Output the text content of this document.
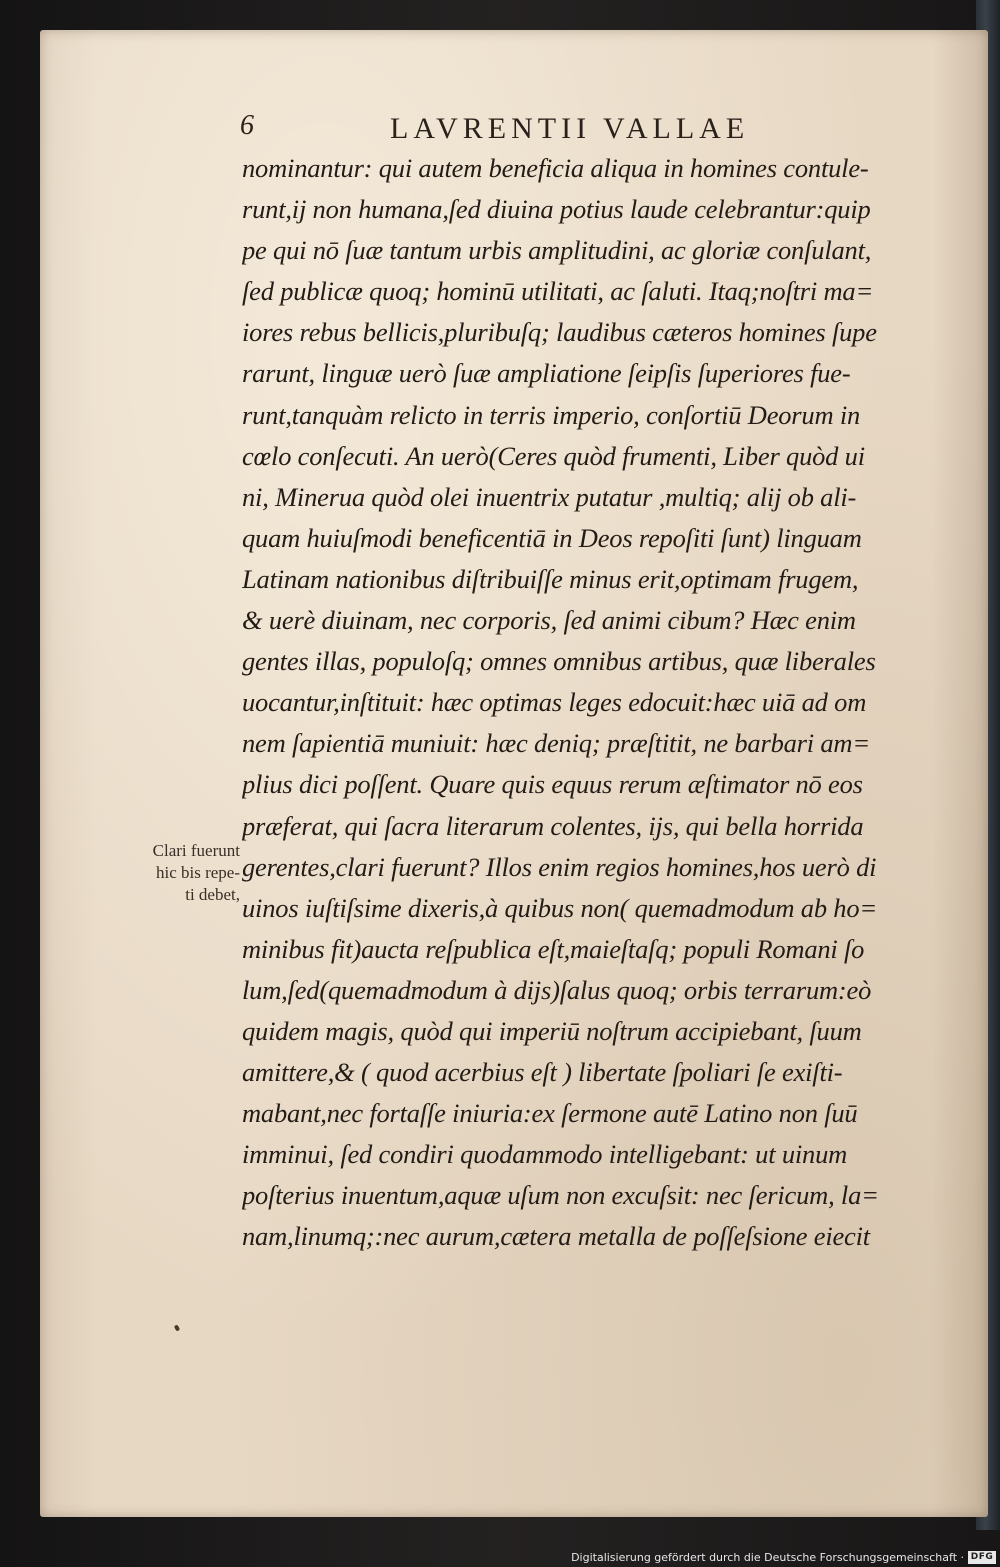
6	LAVRENTII VALLAE
nominantur: qui autem beneficia aliqua in homines contule-
runt,ij non humana,ſed diuina potius laude celebrantur:quip
pe qui nō ſuæ tantum urbis amplitudini, ac gloriæ conſulant,
ſed publicæ quoq; hominū utilitati, ac ſaluti. Itaq;noſtri ma=
iores rebus bellicis,pluribuſq; laudibus cæteros homines ſupe
rarunt, linguæ uerò ſuæ ampliatione ſeipſis ſuperiores fue-
runt,tanquàm relicto in terris imperio, conſortiū Deorum in
cœlo conſecuti. An uerò(Ceres quòd frumenti, Liber quòd ui
ni, Minerua quòd olei inuentrix putatur ,multiq; alij ob ali-
quam huiuſmodi beneficentiā in Deos repoſiti ſunt) linguam
Latinam nationibus diſtribuiſſe minus erit,optimam frugem,
& uerè diuinam, nec corporis, ſed animi cibum? Hæc enim
gentes illas, populoſq; omnes omnibus artibus, quæ liberales
uocantur,inſtituit: hæc optimas leges edocuit:hæc uiā ad om
nem ſapientiā muniuit: hæc deniq; præſtitit, ne barbari am=
plius dici poſſent. Quare quis equus rerum æſtimator nō eos
præferat, qui ſacra literarum colentes, ijs, qui bella horrida
gerentes,clari fuerunt? Illos enim regios homines,hos uerò di
uinos iuſtiſsime dixeris,à quibus non( quemadmodum ab ho=
minibus fit)aucta reſpublica eſt,maieſtaſq; populi Romani ſo
lum,ſed(quemadmodum à dijs)ſalus quoq; orbis terrarum:eò
quidem magis, quòd qui imperiū noſtrum accipiebant, ſuum
amittere,& ( quod acerbius eſt ) libertate ſpoliari ſe exiſti-
mabant,nec fortaſſe iniuria:ex ſermone autē Latino non ſuū
imminui, ſed condiri quodammodo intelligebant: ut uinum
poſterius inuentum,aquæ uſum non excuſsit: nec ſericum, la=
nam,linumq;:nec aurum,cætera metalla de poſſeſsione eiecit
Clari fuerunt
hic bis repe-
ti debet,
Digitalisierung gefördert durch die Deutsche Forschungsgemeinschaft · DFG
